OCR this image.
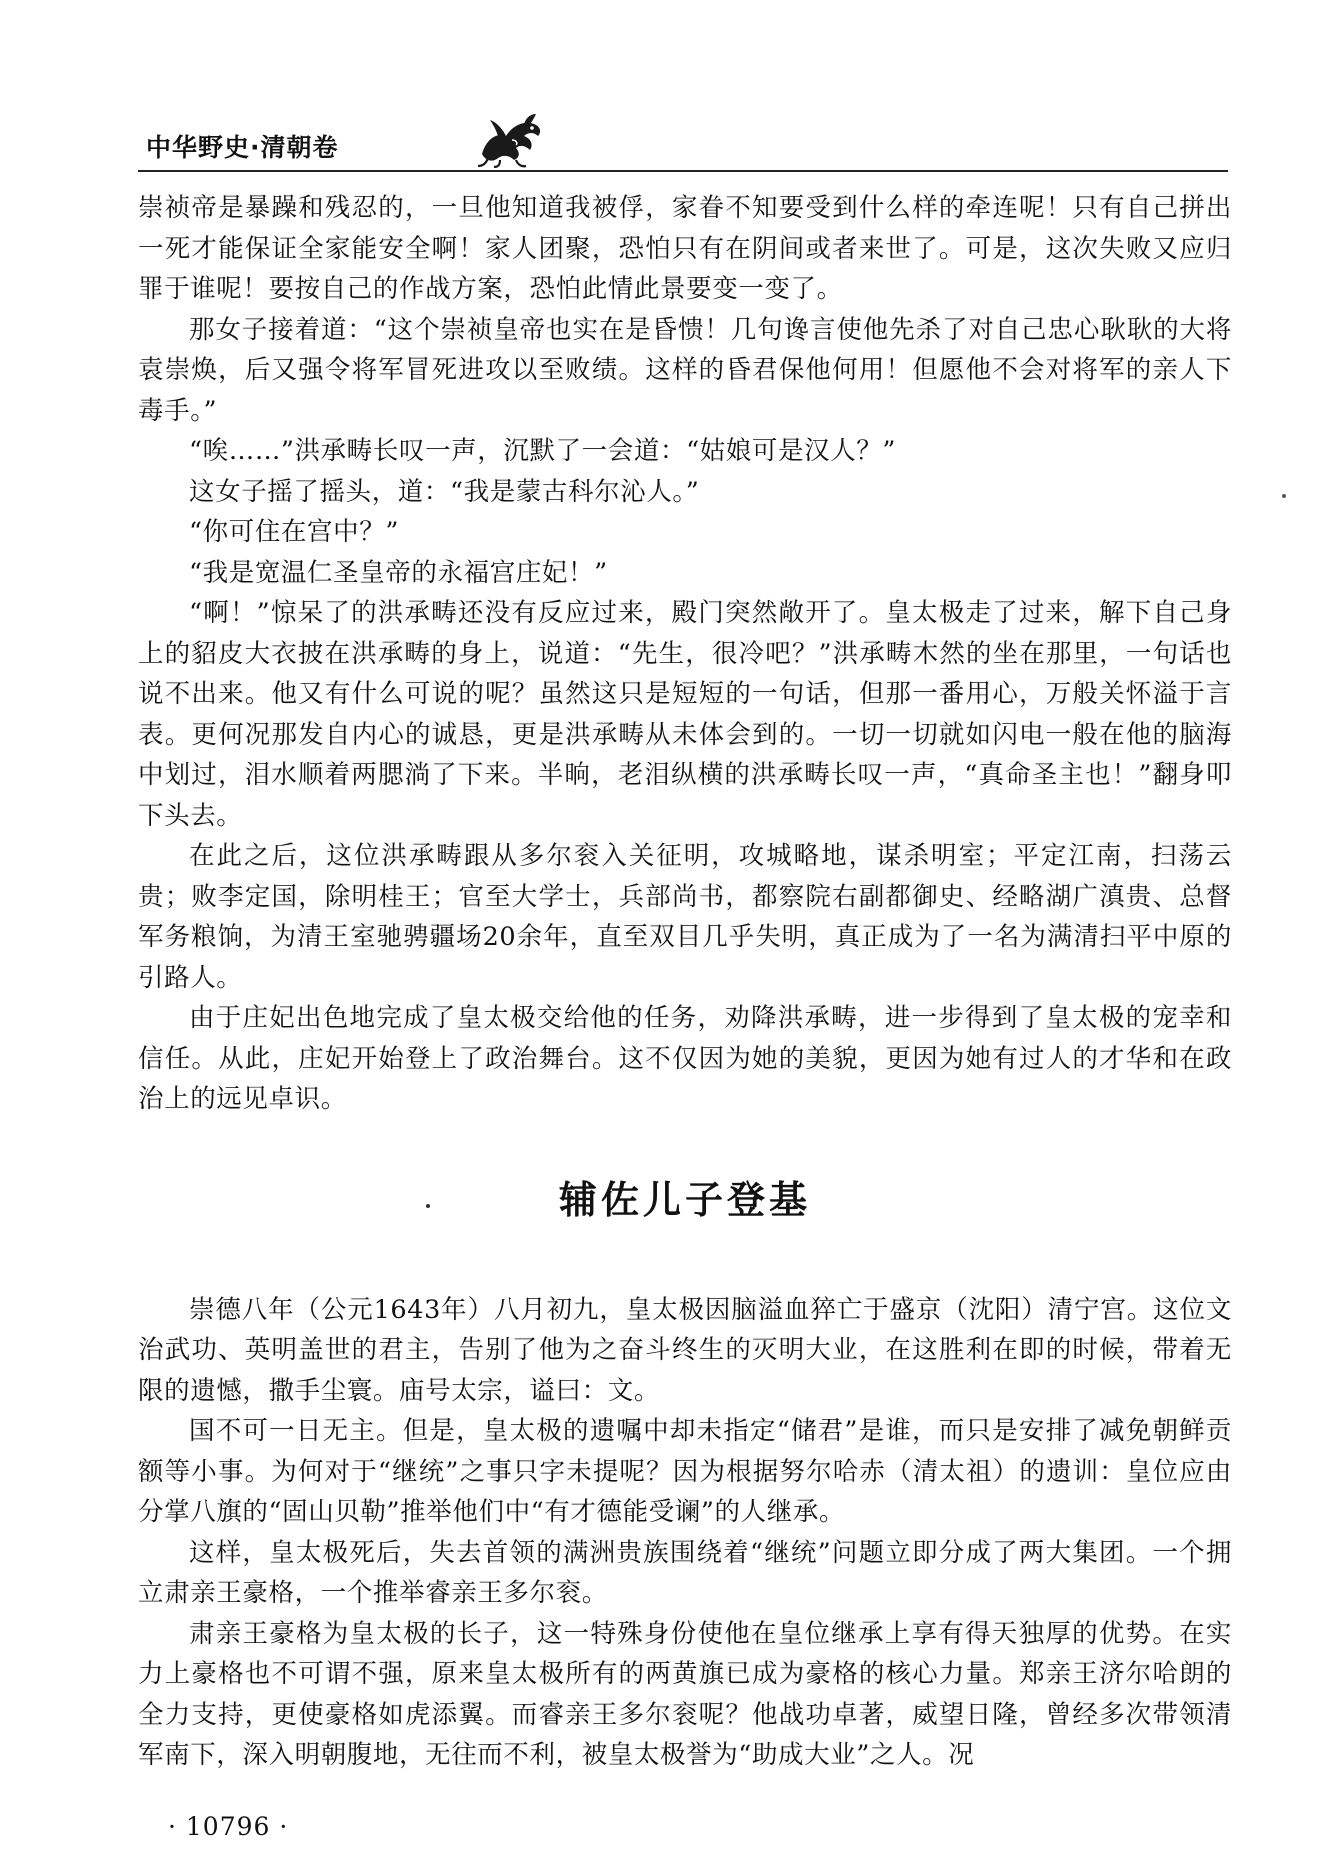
中华野史·清朝卷

崇祯帝是暴躁和残忍的，一旦他知道我被俘，家眷不知要受到什么样的牵连呢！只有自己拼出一死才能保证全家能安全啊！家人团聚，恐怕只有在阴间或者来世了。可是，这次失败又应归罪于谁呢！要按自己的作战方案，恐怕此情此景要变一变了。

那女子接着道：“这个崇祯皇帝也实在是昏愦！几句谗言使他先杀了对自己忠心耿耿的大将袁崇焕，后又强令将军冒死进攻以至败绩。这样的昏君保他何用！但愿他不会对将军的亲人下毒手。”

“唉……”洪承畴长叹一声，沉默了一会道：“姑娘可是汉人？”

这女子摇了摇头，道：“我是蒙古科尔沁人。”

“你可住在宫中？”

“我是宽温仁圣皇帝的永福宫庄妃！”

“啊！”惊呆了的洪承畴还没有反应过来，殿门突然敞开了。皇太极走了过来，解下自己身上的貂皮大衣披在洪承畴的身上，说道：“先生，很冷吧？”洪承畴木然的坐在那里，一句话也说不出来。他又有什么可说的呢？虽然这只是短短的一句话，但那一番用心，万般关怀溢于言表。更何况那发自内心的诚恳，更是洪承畴从未体会到的。一切一切就如闪电一般在他的脑海中划过，泪水顺着两腮淌了下来。半晌，老泪纵横的洪承畴长叹一声，“真命圣主也！”翻身叩下头去。

在此之后，这位洪承畴跟从多尔衮入关征明，攻城略地，谋杀明室；平定江南，扫荡云贵；败李定国，除明桂王；官至大学士，兵部尚书，都察院右副都御史、经略湖广滇贵、总督军务粮饷，为清王室驰骋疆场20余年，直至双目几乎失明，真正成为了一名为满清扫平中原的引路人。

由于庄妃出色地完成了皇太极交给他的任务，劝降洪承畴，进一步得到了皇太极的宠幸和信任。从此，庄妃开始登上了政治舞台。这不仅因为她的美貌，更因为她有过人的才华和在政治上的远见卓识。

辅佐儿子登基

崇德八年（公元1643年）八月初九，皇太极因脑溢血猝亡于盛京（沈阳）清宁宫。这位文治武功、英明盖世的君主，告别了他为之奋斗终生的灭明大业，在这胜利在即的时候，带着无限的遗憾，撒手尘寰。庙号太宗，谥曰：文。

国不可一日无主。但是，皇太极的遗嘱中却未指定“储君”是谁，而只是安排了减免朝鲜贡额等小事。为何对于“继统”之事只字未提呢？因为根据努尔哈赤（清太祖）的遗训：皇位应由分掌八旗的“固山贝勒”推举他们中“有才德能受谰”的人继承。

这样，皇太极死后，失去首领的满洲贵族围绕着“继统”问题立即分成了两大集团。一个拥立肃亲王豪格，一个推举睿亲王多尔衮。

肃亲王豪格为皇太极的长子，这一特殊身份使他在皇位继承上享有得天独厚的优势。在实力上豪格也不可谓不强，原来皇太极所有的两黄旗已成为豪格的核心力量。郑亲王济尔哈朗的全力支持，更使豪格如虎添翼。而睿亲王多尔衮呢？他战功卓著，威望日隆，曾经多次带领清军南下，深入明朝腹地，无往而不利，被皇太极誉为“助成大业”之人。况

· 10796 ·
